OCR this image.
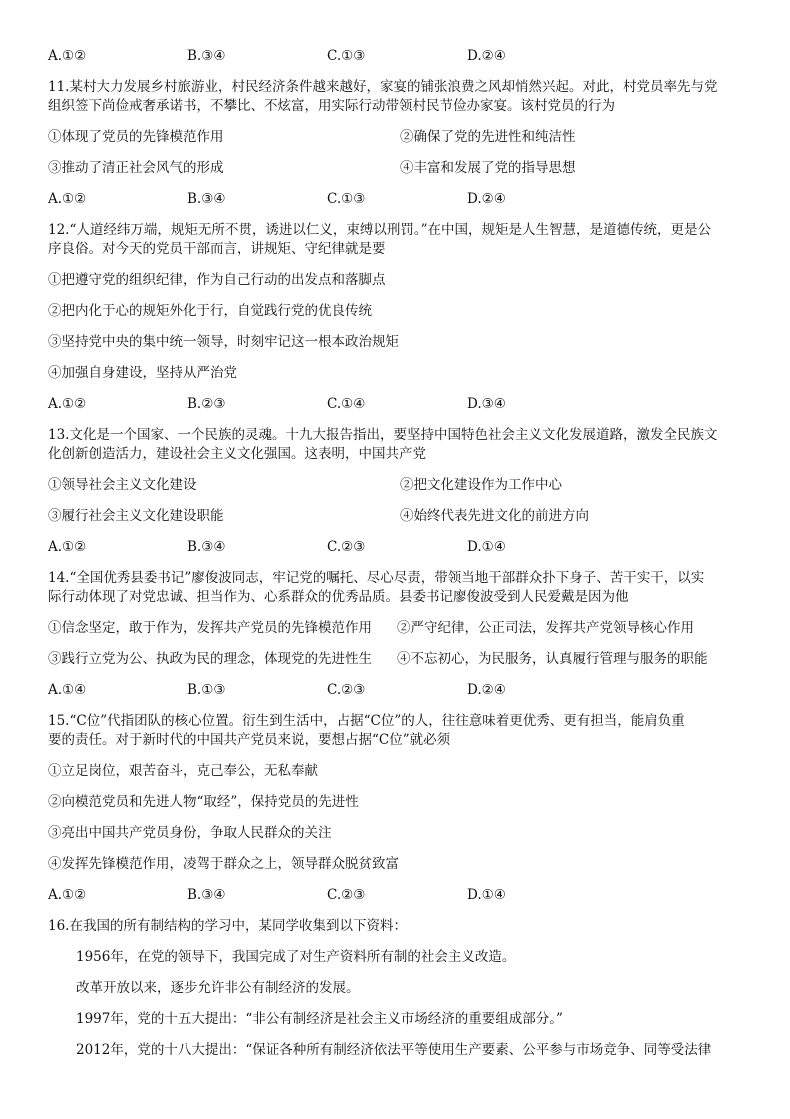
A.①②	B.③④	C.①③	D.②④
11.某村大力发展乡村旅游业，村民经济条件越来越好，家宴的铺张浪费之风却悄然兴起。对此，村党员率先与党
组织签下尚俭戒奢承诺书，不攀比、不炫富，用实际行动带领村民节俭办家宴。该村党员的行为
①体现了党员的先锋模范作用	②确保了党的先进性和纯洁性
③推动了清正社会风气的形成	④丰富和发展了党的指导思想
A.①②	B.③④	C.①③	D.②④
12.“人道经纬万端，规矩无所不贯，诱进以仁义，束缚以刑罚。”在中国，规矩是人生智慧，是道德传统，更是公
序良俗。对今天的党员干部而言，讲规矩、守纪律就是要
①把遵守党的组织纪律，作为自己行动的出发点和落脚点
②把内化于心的规矩外化于行，自觉践行党的优良传统
③坚持党中央的集中统一领导，时刻牢记这一根本政治规矩
④加强自身建设，坚持从严治党
A.①②	B.②③	C.①④	D.③④
13.文化是一个国家、一个民族的灵魂。十九大报告指出，要坚持中国特色社会主义文化发展道路，激发全民族文
化创新创造活力，建设社会主义文化强国。这表明，中国共产党
①领导社会主义文化建设	②把文化建设作为工作中心
③履行社会主义文化建设职能	④始终代表先进文化的前进方向
A.①②	B.③④	C.②③	D.①④
14.“全国优秀县委书记”廖俊波同志，牢记党的嘱托、尽心尽责，带领当地干部群众扑下身子、苦干实干，以实
际行动体现了对党忠诚、担当作为、心系群众的优秀品质。县委书记廖俊波受到人民爱戴是因为他
①信念坚定，敢于作为，发挥共产党员的先锋模范作用 ②严守纪律，公正司法，发挥共产党领导核心作用
③践行立党为公、执政为民的理念，体现党的先进性生 ④不忘初心，为民服务，认真履行管理与服务的职能
A.①④	B.①③	C.②③	D.②④
15.“C位”代指团队的核心位置。衍生到生活中，占据“C位”的人，往往意味着更优秀、更有担当，能肩负重
要的责任。对于新时代的中国共产党员来说，要想占据“C位”就必须
①立足岗位，艰苦奋斗，克己奉公，无私奉献
②向模范党员和先进人物“取经”，保持党员的先进性
③亮出中国共产党员身份，争取人民群众的关注
④发挥先锋模范作用，凌驾于群众之上，领导群众脱贫致富
A.①②	B.③④	C.②③	D.①④
16.在我国的所有制结构的学习中，某同学收集到以下资料：
1956年，在党的领导下，我国完成了对生产资料所有制的社会主义改造。
改革开放以来，逐步允许非公有制经济的发展。
1997年，党的十五大提出：“非公有制经济是社会主义市场经济的重要组成部分。”
2012年，党的十八大提出：“保证各种所有制经济依法平等使用生产要素、公平参与市场竞争、同等受法律
